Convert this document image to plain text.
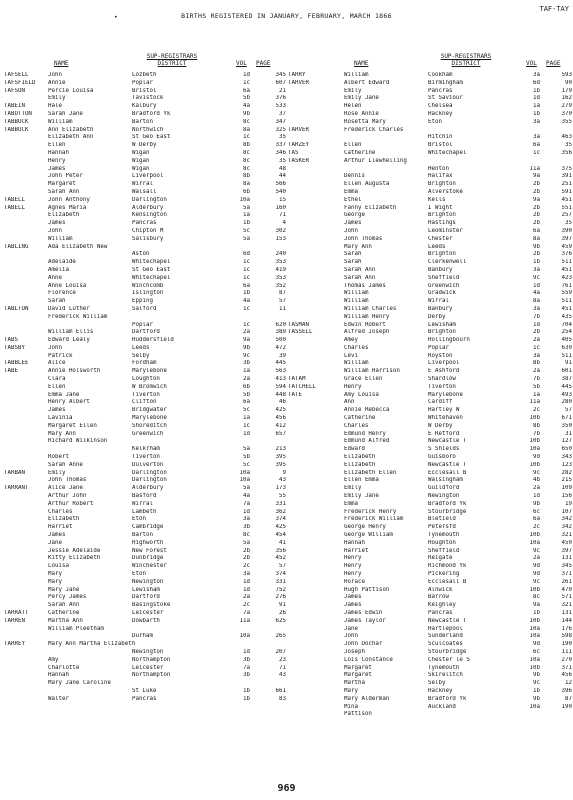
•	BIRTHS REGISTERED IN JANUARY, FEBRUARY, MARCH 1866
TAF-TAY
NAME
SUP-REGISTRARS DISTRICT	VOL PAGE
TAFSELL	John	Lozbeth	1d	345
TAFSFIELD	Annie	Poplar	1c	607
TAFSON	Percie Louisa	Bristol	6a	21
Emily	Tavistock	5b	376
TABEIN	Hale	Kalbury	4a	533
TABOTTON	Sarah Jane	Bradford Yk	9b	37
TABBUCK	William	Barton	8c	347
TABBUCK	Ann Elizabeth	Northwich	8a	325
Elizabeth Ann	St Geo East	1c	35
Ellen	W Derby	8b	337
Hannah	Wigan	8c	346
Henry	Wigan	8c	35
James	Wigan	8c	48
John Peter	Liverpool	8b	44
Margaret	Wirral	8a	566
Sarah Ann	Walsall	6b	540
TABELL	John Anthony	Darlington	10a	15
TABELL	Agnes Maria	Alderbury	5a	160
Elizabeth	Kensington	1a	71
James	Pancras	1b	4
John	Chipton M	5c	302
William	Salisbury	5a	153
TABLING	Ada Elizabeth New
Aston	6d	240
Adelaide	Whitechapel	1c	353
Amelia	St Geo East	1c	419
Anne	Whitechapel	1c	353
Anne Louisa	Winchcomb	6a	352
Florence	Islington	1b	87
Sarah	Epping	4a	57
TABLTON	David Luther	Salford	1c	11
Frederick William
Poplar	1c	620
William Ellis	Dartford	2a	389
TABS	Edward Lealy	Huddersfield	9a	500
TABSBY	John	Leeds	9b	472
Patrick	Selby	9c	39
TABBLEE	Alice	Fordham	3b	445
TABE	Annie Holsworth	Marylebone	1a	563
Clara	Loughton	2a	413
Ellen	W Bromwich	6b	594
Emma Jane	Tiverton	5b	448
Henry Albert	Clifton	6a	46
James	Bridgwater	5c	425
Lavinia	Marylebone	1a	456
Margaret Ellen	Shoreditch	1c	412
Mary Ann	Greenwich	1d	657
Richard Wilkinson
Kelkrham	5a	213
Robert	Tiverton	5b	395
Sarah Anne	Dulverton	5c	395
TARBAN	Emily	Darlington	10a	9
John Thomas	Darlington	10a	43
TARRANT	Alice Jane	Alderbury	5a	173
Arthur John	Basford	4a	55
Arthur Robert	Wirral	7a	331
Charles	Lambeth	1d	362
Elizabeth	Eton	3a	374
Harriet	Cambridge	3b	425
James	Barton	8c	454
Jane	Highworth	5a	41
Jessie Adelaide	New Forest	2b	356
Kitty Elizabeth	Dunbridge	2b	452
Louisa	Winchester	2c	57
Mary	Eton	3a	374
Mary	Newington	1d	331
Mary Jane	Lewisham	1d	752
Percy James	Dartford	2a	276
Sarah Ann	Basingstoke	2c	91
TARRATT	Catherine	Leicester	7a	26
TARREN	Martha Ann	Dowbarth	11a	625
William Pleetham
Durham	10a	265
TARREY	Mary Ann Martha Elizabeth
Newington	1d	207
Amy	Northampton	3b	23
Charlotte	Leicester	7a	71
Hannah	Northampton	3b	43
Mary Jane Caroline
St Luke	1b	661
Walter	Pancras	1b	83
NAME
SUP-REGISTRARS DISTRICT	VOL PAGE
TARRY	William	Cookham	3a	593
TARVER	Albert Edward	Birmingham	6d	90
Emily	Pancras	1b	179
Emily Jane	St Saviour	1d	162
Helen	Chelsea	1a	279
Rose Annie	Hackney	1b	370
Rosetta Mary	Eton	3a	355
TARVER	Frederick Charles
Hitchin	3a	463
TARZEY	Ellen	Bristol	6a	35
TAS	Catherine	Whitechapel	1c	356
TASKER	Arthur Llewhelling
Henton	11a	375
Dennis	Halifax	9a	391
Ellen Augusta	Brighton	2b	251
Emma	Alverstoke	2b	591
Ethel	Kells	9a	451
Fanny Elizabeth	I Wight	2b	551
George	Brighton	2b	257
James	Hastings	2b	35
John	Leominster	6a	390
John Thomas	Chester	8a	397
Mary Ann	Leeds	9b	459
Sarah	Brighton	2b	376
Sarah	Clerkenwell	1b	511
Sarah Ann	Banbury	3a	451
Sarah Ann	Sheffield	9c	423
Thomas James	Greenwich	1d	761
William	Gradwick	4a	559
William	Wirral	8a	511
William Charles	Banbury	3a	451
William Henry	Derby	7b	435
TASMAN	Edwin Robert	Lewisham	1d	704
TASSELL	Alfred Joseph	Brighton	2b	254
Amey	Hollingbourn	2a	405
Charles	Poplar	1c	630
Levi	Royston	3a	511
William	Liverpool	8b	91
William Harrison	E Ashford	2a	601
TATAM	Grace Ellen	Shardlow	7b	387
TATCHELL	Henry	Tiverton	5b	445
TATE	Amy Louisa	Marylebone	1a	493
Ann	Cardiff	11a	280
Annie Rebecca	Hartley W	2c	57
Catherine	Whitehaven	10b	671
Charles	W Derby	8b	350
Edmund Henry	E Retford	7b	31
Edmund Alfred	Newcastle T	10b	127
Edward	S Shields	10a	650
Elizabeth	Guisboro	9d	343
Elizabeth	Newcastle T	10b	123
Elizabeth Ellen	Ecclesall B	9c	282
Ellen Emma	Walsingham	4b	215
Emily	Guildford	2a	109
Emily Jane	Newington	1d	156
Emma	Bradford Yk	9b	19
Frederick Henry	Stourbridge	6c	107
Frederick William	Bletield	6a	342
George Henry	Petersfd	2c	342
George William	Tynemouth	10b	321
Hannah	Houghton	10a	450
Harriet	Sheffield	9c	397
Henry	Reigate	2a	131
Henry	Richmond Yk	9d	345
Henry	Pickering	9d	371
Horace	Ecclesall B	9c	261
Hugh Pattison	Alnwick	10b	470
James	Barrow	8c	571
James	Keighley	9a	321
James Edwin	Pancras	1b	131
James Taylor	Newcastle T	10b	144
Jane	Hartlepool	10a	176
John	Sunderland	10a	598
John Dochar	Sculcoates	9d	190
Joseph	Stourbridge	6c	111
Lois Constance	Chester le S	10a	270
Margaret	Tynemouth	10b	371
Margaret	Skirelitch	9b	456
Martha	Selby	9c	12
Mary	Hackney	1b	396
Mary Alderman	Bradford Yk	9b	87
Mina	Auckland	10a	190
Pattison
969
